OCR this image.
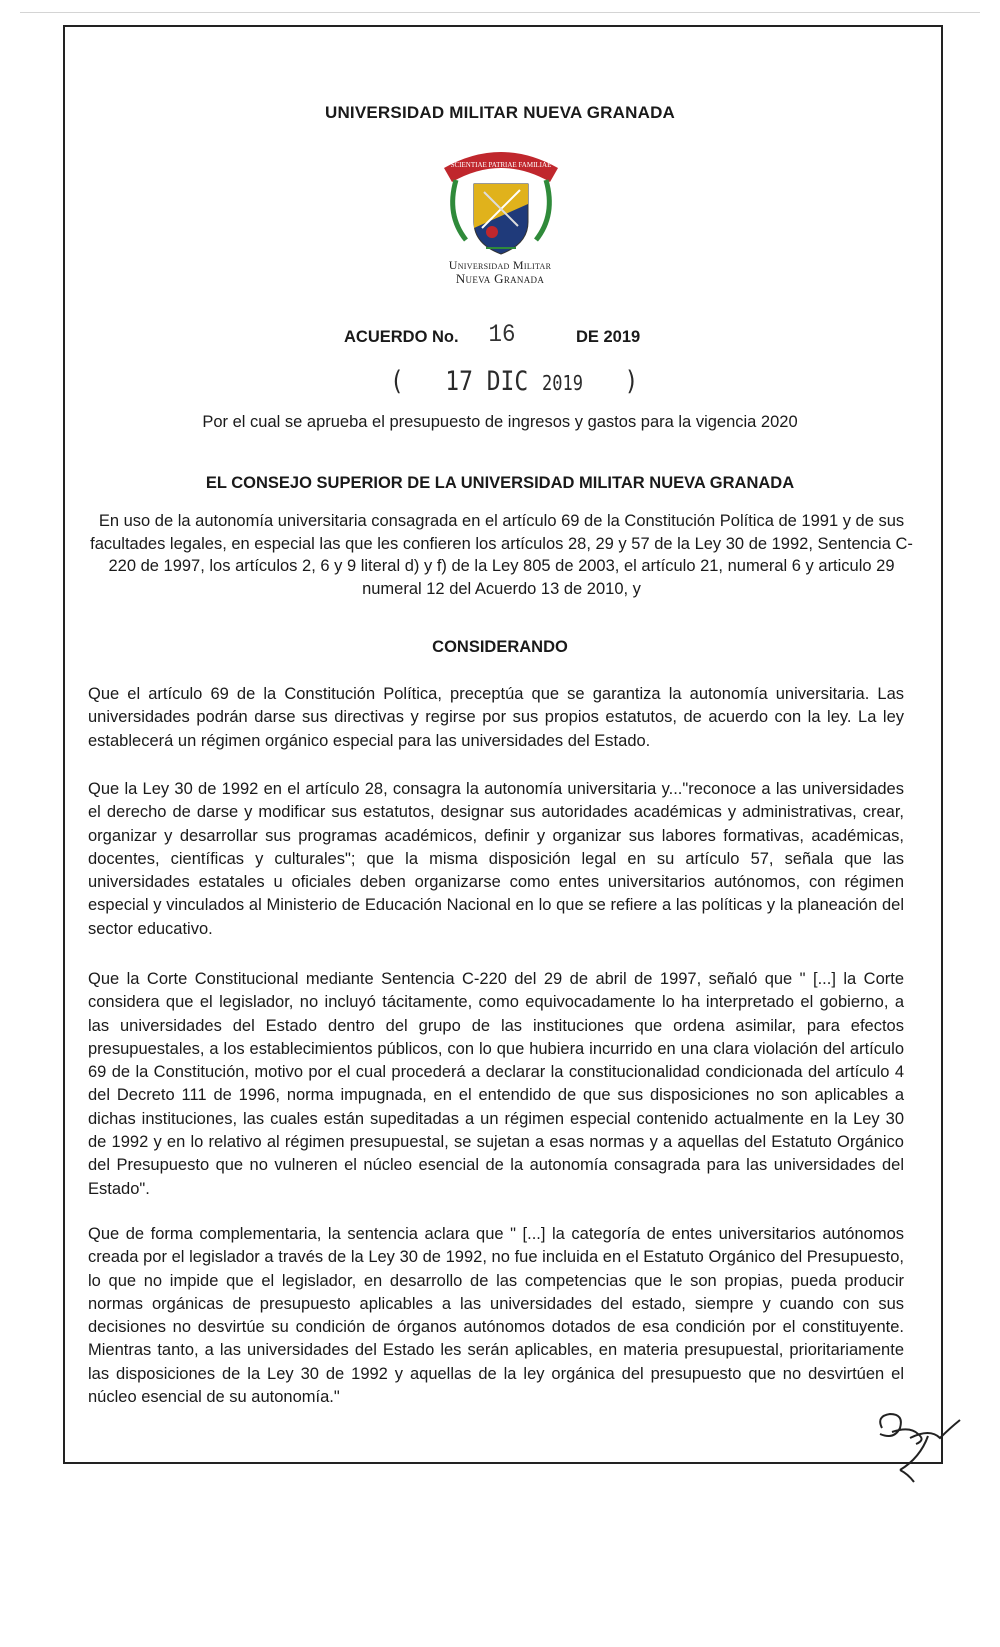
UNIVERSIDAD MILITAR NUEVA GRANADA
SCIENTIAE PATRIAE FAMILIAE
Universidad Militar
Nueva Granada
ACUERDO No. 16	DE 2019
( 17 DIC 2019 )
Por el cual se aprueba el presupuesto de ingresos y gastos para la vigencia 2020
EL CONSEJO SUPERIOR DE LA UNIVERSIDAD MILITAR NUEVA GRANADA
En uso de la autonomía universitaria consagrada en el artículo 69 de la Constitución Política de 1991 y de sus facultades legales, en especial las que les confieren los artículos 28, 29 y 57 de la Ley 30 de 1992, Sentencia C-220 de 1997, los artículos 2, 6 y 9 literal d) y f) de la Ley 805 de 2003, el artículo 21, numeral 6 y articulo 29 numeral 12 del Acuerdo 13 de 2010, y
CONSIDERANDO
Que el artículo 69 de la Constitución Política, preceptúa que se garantiza la autonomía universitaria. Las universidades podrán darse sus directivas y regirse por sus propios estatutos, de acuerdo con la ley. La ley establecerá un régimen orgánico especial para las universidades del Estado.
Que la Ley 30 de 1992 en el artículo 28, consagra la autonomía universitaria y..."reconoce a las universidades el derecho de darse y modificar sus estatutos, designar sus autoridades académicas y administrativas, crear, organizar y desarrollar sus programas académicos, definir y organizar sus labores formativas, académicas, docentes, científicas y culturales"; que la misma disposición legal en su artículo 57, señala que las universidades estatales u oficiales deben organizarse como entes universitarios autónomos, con régimen especial y vinculados al Ministerio de Educación Nacional en lo que se refiere a las políticas y la planeación del sector educativo.
Que la Corte Constitucional mediante Sentencia C-220 del 29 de abril de 1997, señaló que " [...] la Corte considera que el legislador, no incluyó tácitamente, como equivocadamente lo ha interpretado el gobierno, a las universidades del Estado dentro del grupo de las instituciones que ordena asimilar, para efectos presupuestales, a los establecimientos públicos, con lo que hubiera incurrido en una clara violación del artículo 69 de la Constitución, motivo por el cual procederá a declarar la constitucionalidad condicionada del artículo 4 del Decreto 111 de 1996, norma impugnada, en el entendido de que sus disposiciones no son aplicables a dichas instituciones, las cuales están supeditadas a un régimen especial contenido actualmente en la Ley 30 de 1992 y en lo relativo al régimen presupuestal, se sujetan a esas normas y a aquellas del Estatuto Orgánico del Presupuesto que no vulneren el núcleo esencial de la autonomía consagrada para las universidades del Estado".
Que de forma complementaria, la sentencia aclara que " [...] la categoría de entes universitarios autónomos creada por el legislador a través de la Ley 30 de 1992, no fue incluida en el Estatuto Orgánico del Presupuesto, lo que no impide que el legislador, en desarrollo de las competencias que le son propias, pueda producir normas orgánicas de presupuesto aplicables a las universidades del estado, siempre y cuando con sus decisiones no desvirtúe su condición de órganos autónomos dotados de esa condición por el constituyente. Mientras tanto, a las universidades del Estado les serán aplicables, en materia presupuestal, prioritariamente las disposiciones de la Ley 30 de 1992 y aquellas de la ley orgánica del presupuesto que no desvirtúen el núcleo esencial de su autonomía."
